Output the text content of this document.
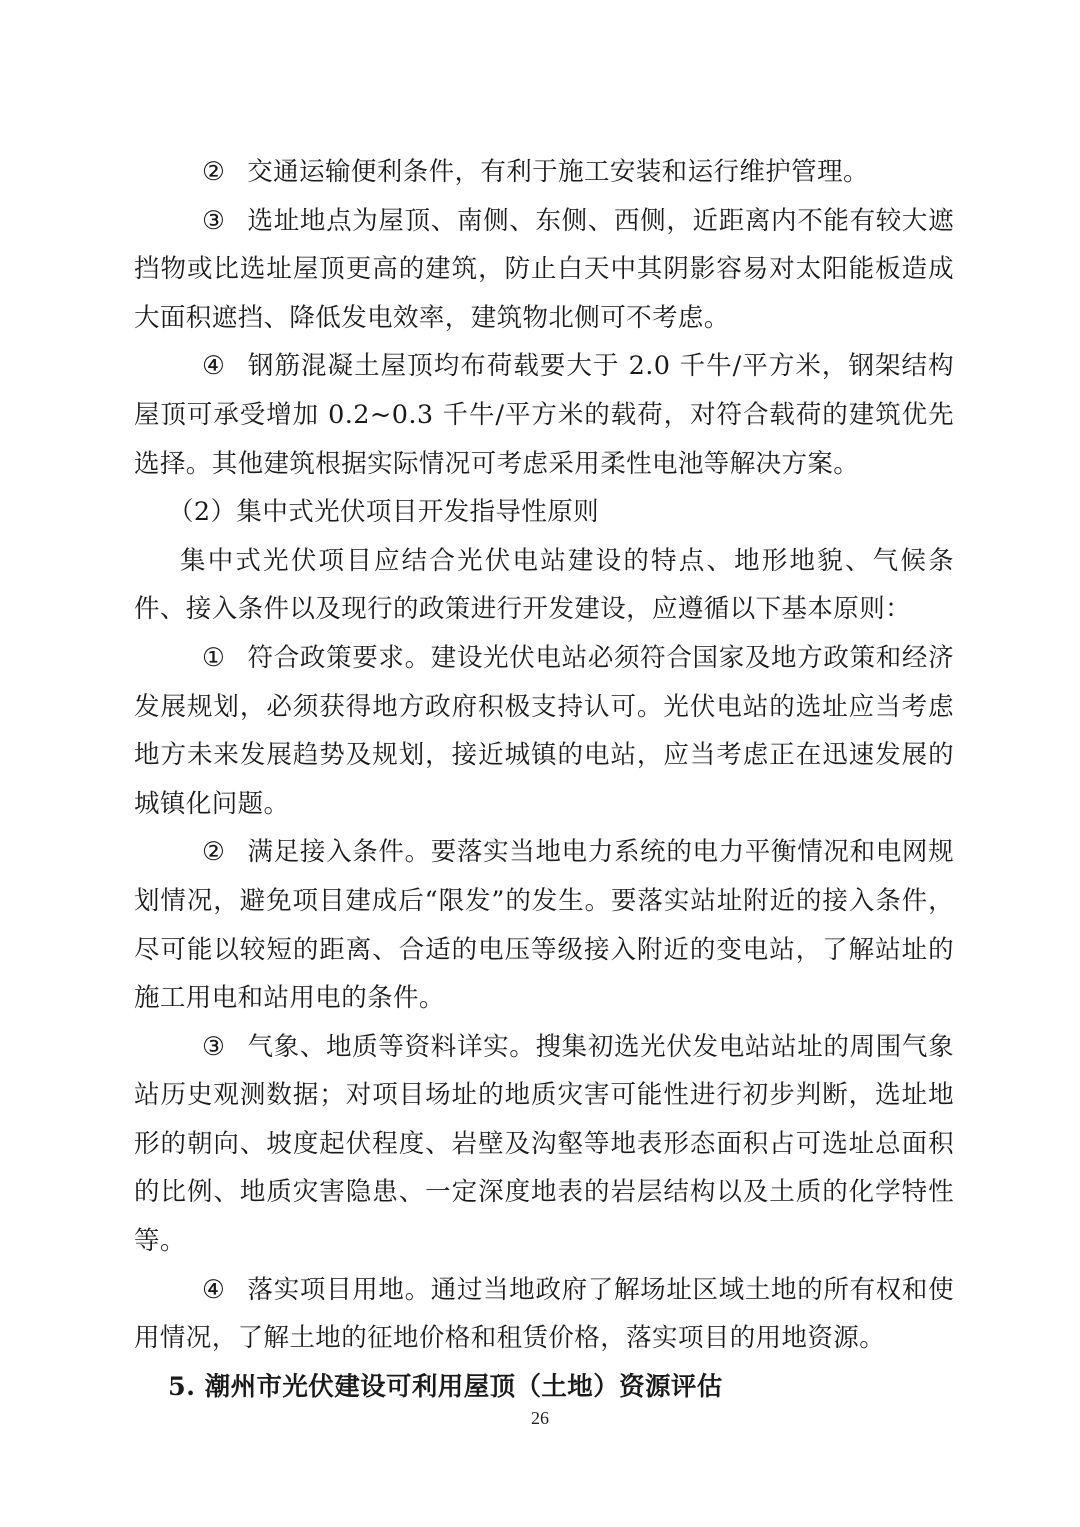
② 交通运输便利条件，有利于施工安装和运行维护管理。

③ 选址地点为屋顶、南侧、东侧、西侧，近距离内不能有较大遮挡物或比选址屋顶更高的建筑，防止白天中其阴影容易对太阳能板造成大面积遮挡、降低发电效率，建筑物北侧可不考虑。

④ 钢筋混凝土屋顶均布荷载要大于 2.0 千牛/平方米，钢架结构屋顶可承受增加 0.2~0.3 千牛/平方米的载荷，对符合载荷的建筑优先选择。其他建筑根据实际情况可考虑采用柔性电池等解决方案。

（2）集中式光伏项目开发指导性原则

集中式光伏项目应结合光伏电站建设的特点、地形地貌、气候条件、接入条件以及现行的政策进行开发建设，应遵循以下基本原则：

① 符合政策要求。建设光伏电站必须符合国家及地方政策和经济发展规划，必须获得地方政府积极支持认可。光伏电站的选址应当考虑地方未来发展趋势及规划，接近城镇的电站，应当考虑正在迅速发展的城镇化问题。

② 满足接入条件。要落实当地电力系统的电力平衡情况和电网规划情况，避免项目建成后“限发”的发生。要落实站址附近的接入条件，尽可能以较短的距离、合适的电压等级接入附近的变电站，了解站址的施工用电和站用电的条件。

③ 气象、地质等资料详实。搜集初选光伏发电站站址的周围气象站历史观测数据；对项目场址的地质灾害可能性进行初步判断，选址地形的朝向、坡度起伏程度、岩壁及沟壑等地表形态面积占可选址总面积的比例、地质灾害隐患、一定深度地表的岩层结构以及土质的化学特性等。

④ 落实项目用地。通过当地政府了解场址区域土地的所有权和使用情况，了解土地的征地价格和租赁价格，落实项目的用地资源。

5. 潮州市光伏建设可利用屋顶（土地）资源评估

26
